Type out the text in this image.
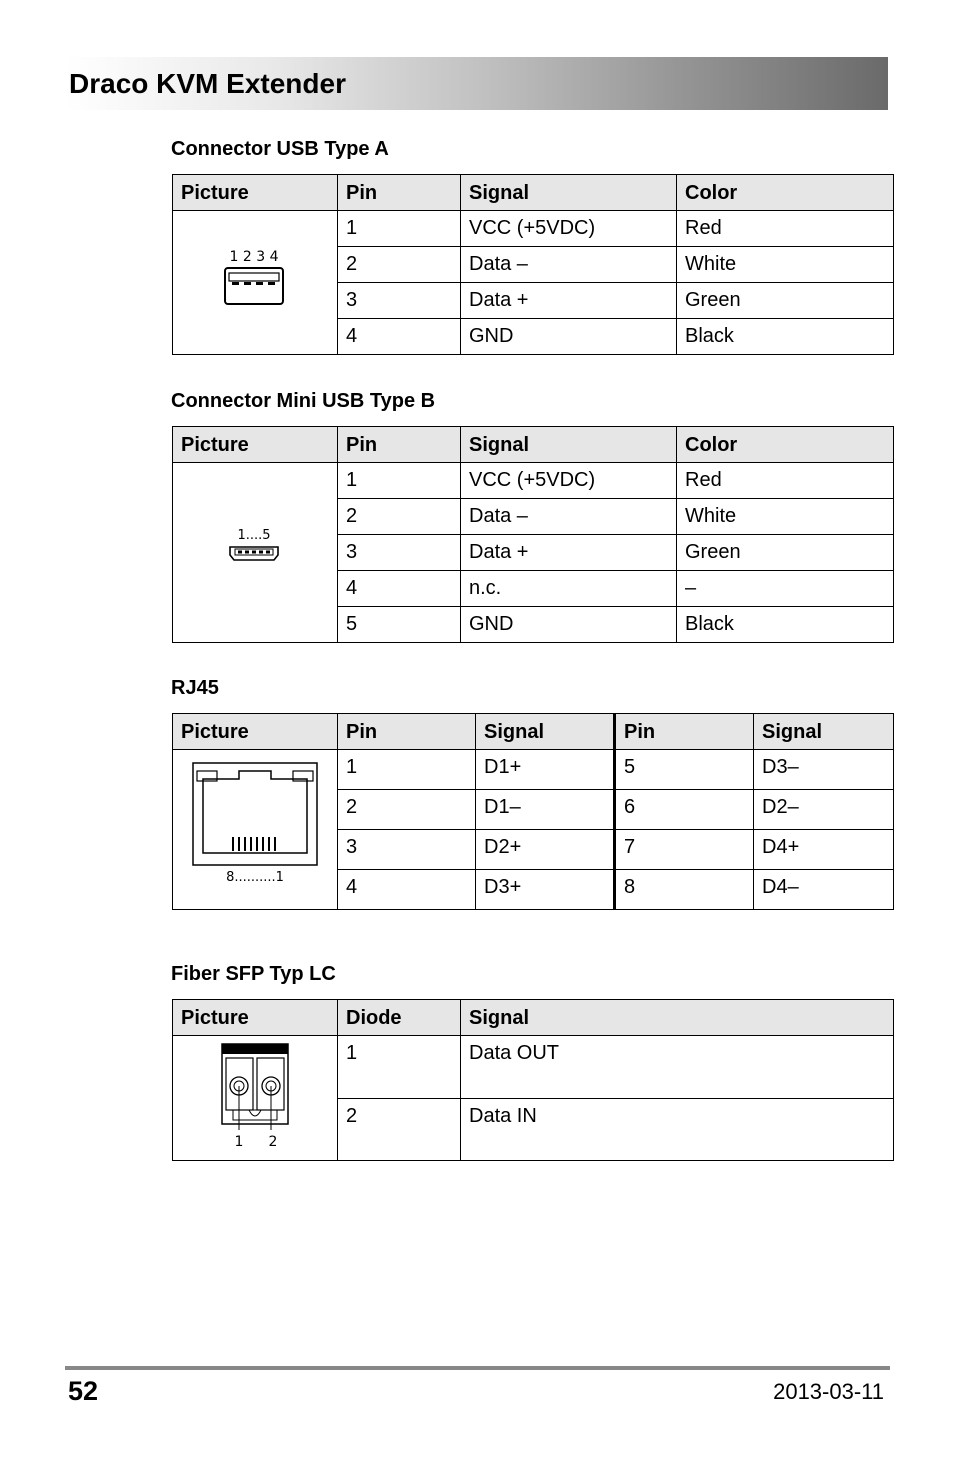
Draco KVM Extender
Connector USB Type A
Picture	Pin	Signal	Color

1 2 3 4	1	VCC (+5VDC)	Red
	2	Data –	White
	3	Data +	Green
	4	GND	Black
Connector Mini USB Type B
Picture	Pin	Signal	Color

1....5	1	VCC (+5VDC)	Red
	2	Data –	White
	3	Data +	Green
	4	n.c.	–
	5	GND	Black
RJ45
Picture	Pin	Signal	Pin	Signal

8..........1	1	D1+	5	D3–
	2	D1–	6	D2–
	3	D2+	7	D4+
	4	D3+	8	D4–
Fiber SFP Typ LC
Picture	Diode	Signal

1 2	1	Data OUT
	2	Data IN
52	2013-03-11
